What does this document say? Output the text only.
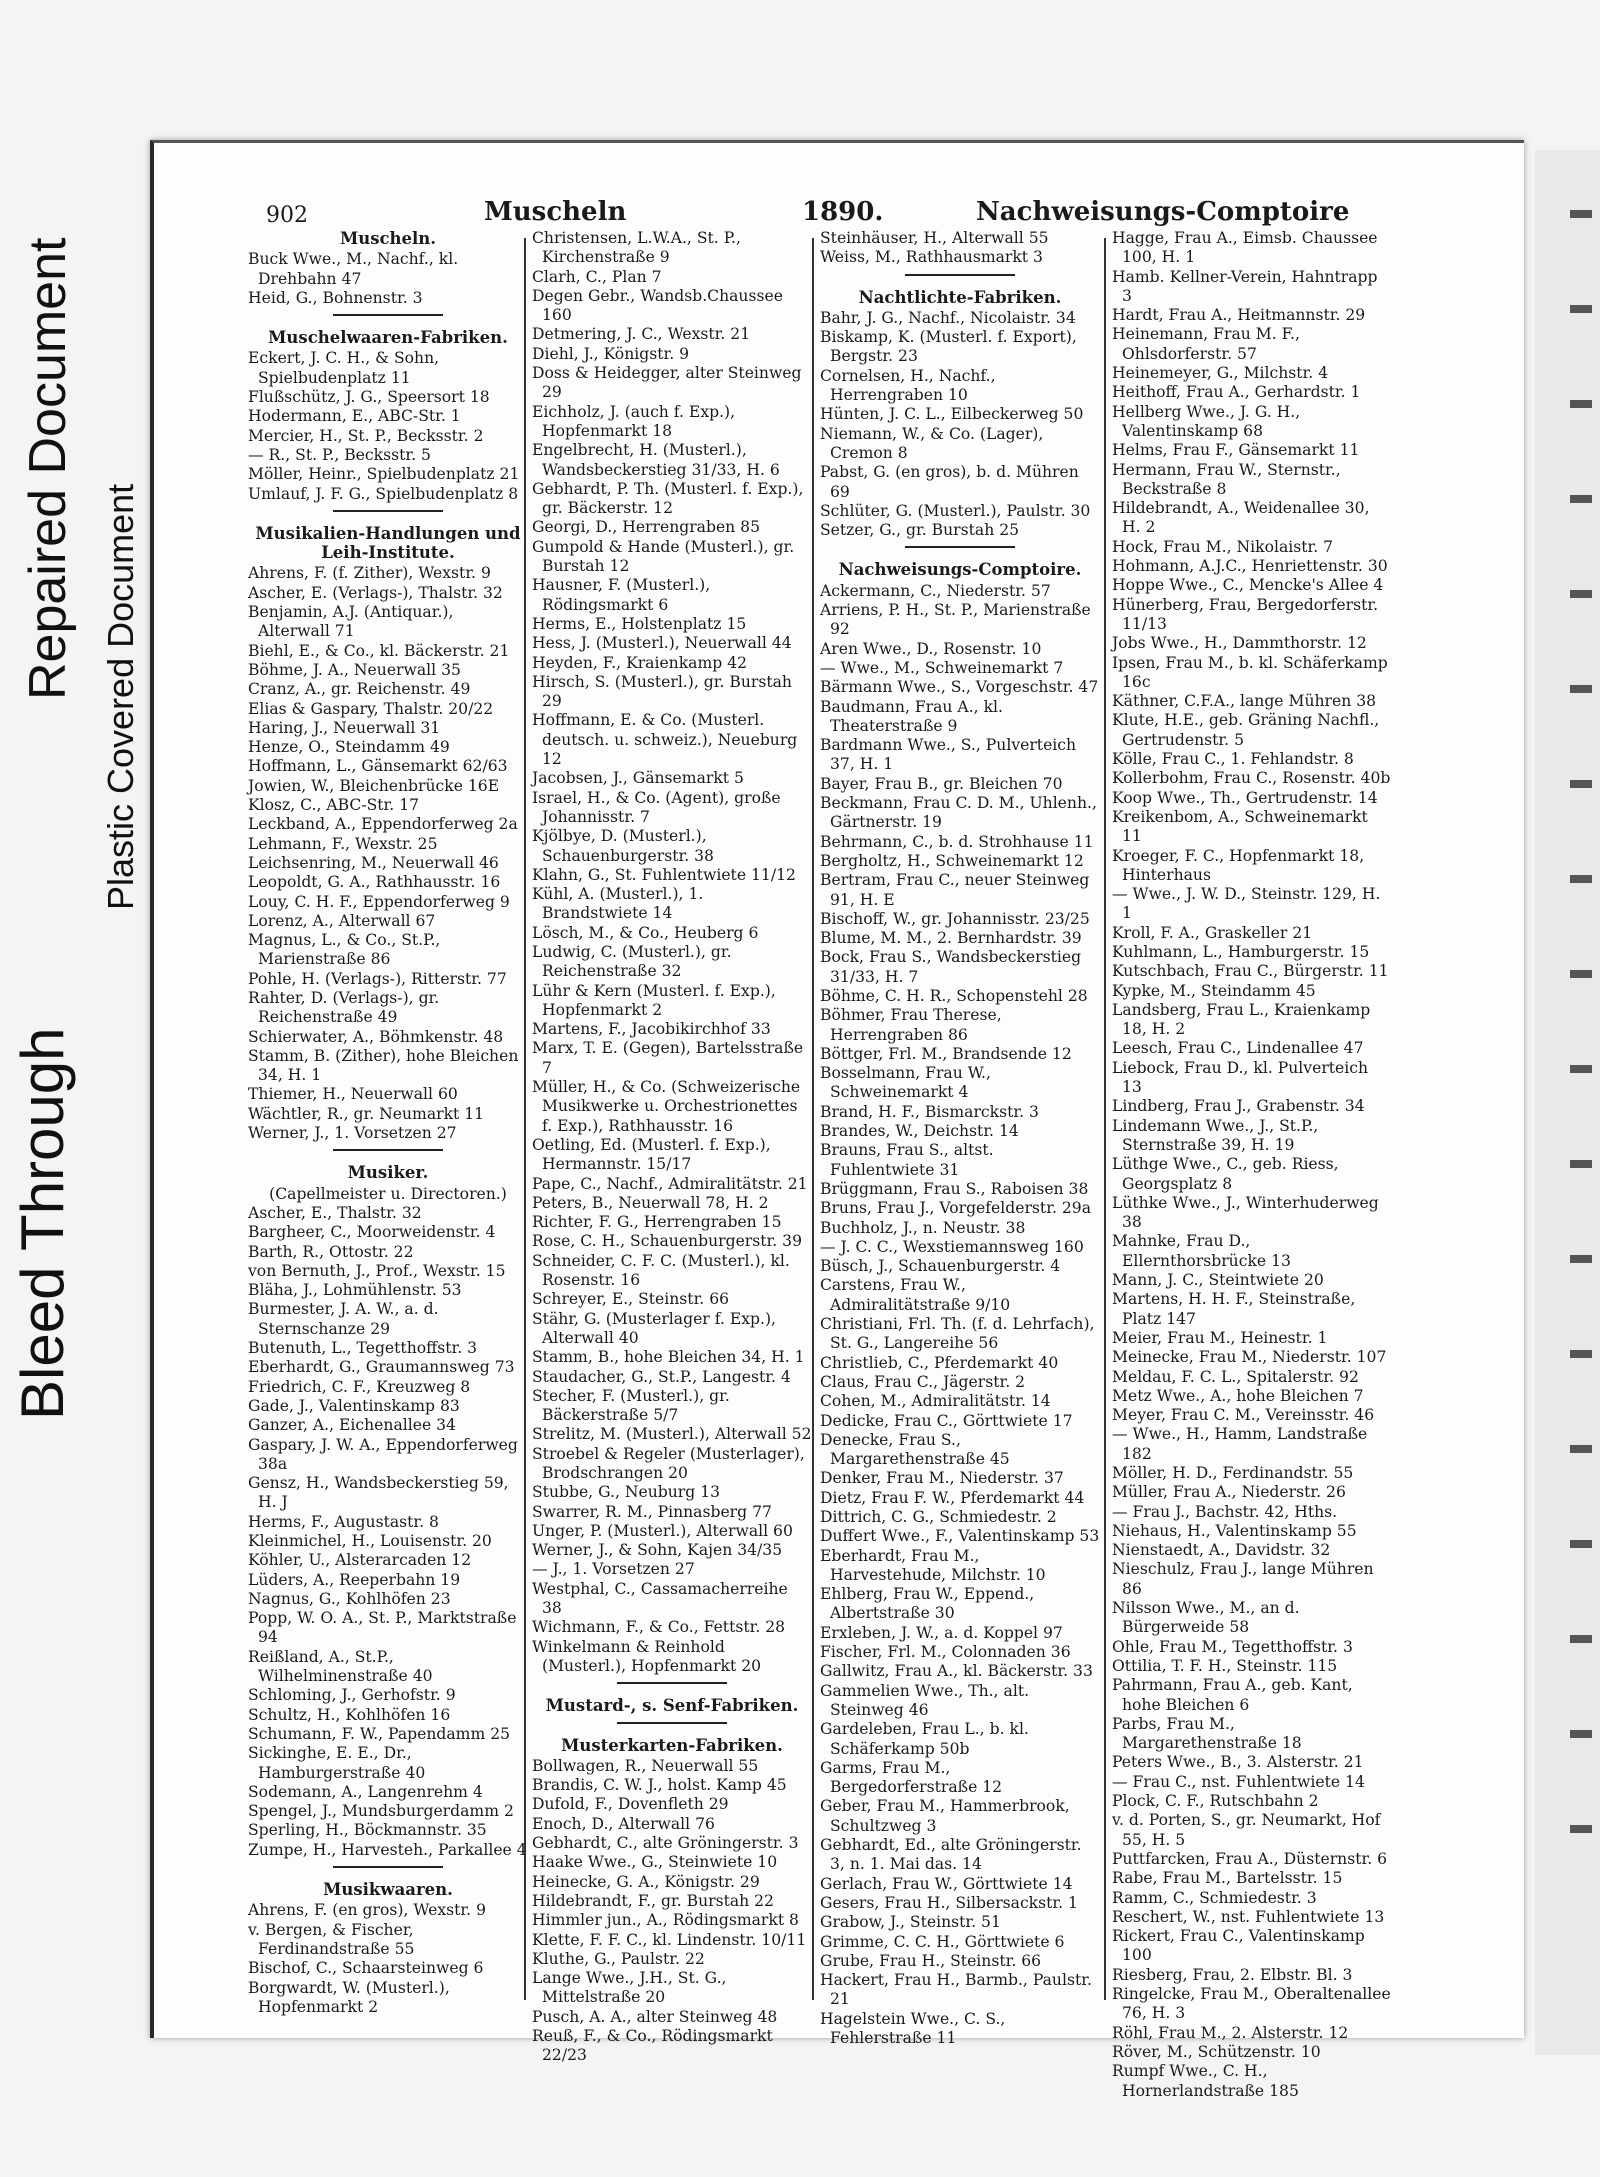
Bleed Through
Repaired Document Plastic Covered Document
902	Muscheln	1890.	Nachweisungs-Comptoire
Muscheln.
Buck Wwe., M., Nachf., kl. Drehbahn 47
Heid, G., Bohnenstr. 3
Muschelwaaren-Fabriken.
Eckert, J. C. H., & Sohn, Spielbudenplatz 11
Flußschütz, J. G., Speersort 18
Hodermann, E., ABC-Str. 1
Mercier, H., St. P., Becksstr. 2
— R., St. P., Becksstr. 5
Möller, Heinr., Spielbudenplatz 21
Umlauf, J. F. G., Spielbudenplatz 8
Musikalien-Handlungen und Leih-Institute.
Ahrens, F. (f. Zither), Wexstr. 9
Ascher, E. (Verlags-), Thalstr. 32
Benjamin, A.J. (Antiquar.), Alterwall 71
Biehl, E., & Co., kl. Bäckerstr. 21
Böhme, J. A., Neuerwall 35
Cranz, A., gr. Reichenstr. 49
Elias & Gaspary, Thalstr. 20/22
Haring, J., Neuerwall 31
Henze, O., Steindamm 49
Hoffmann, L., Gänsemarkt 62/63
Jowien, W., Bleichenbrücke 16E
Klosz, C., ABC-Str. 17
Leckband, A., Eppendorferweg 2a
Lehmann, F., Wexstr. 25
Leichsenring, M., Neuerwall 46
Leopoldt, G. A., Rathhausstr. 16
Louy, C. H. F., Eppendorferweg 9
Lorenz, A., Alterwall 67
Magnus, L., & Co., St.P., Marienstraße 86
Pohle, H. (Verlags-), Ritterstr. 77
Rahter, D. (Verlags-), gr. Reichenstraße 49
Schierwater, A., Böhmkenstr. 48
Stamm, B. (Zither), hohe Bleichen 34, H. 1
Thiemer, H., Neuerwall 60
Wächtler, R., gr. Neumarkt 11
Werner, J., 1. Vorsetzen 27
Musiker.
(Capellmeister u. Directoren.)
Ascher, E., Thalstr. 32
Bargheer, C., Moorweidenstr. 4
Barth, R., Ottostr. 22
von Bernuth, J., Prof., Wexstr. 15
Bläha, J., Lohmühlenstr. 53
Burmester, J. A. W., a. d. Sternschanze 29
Butenuth, L., Tegetthoffstr. 3
Eberhardt, G., Graumannsweg 73
Friedrich, C. F., Kreuzweg 8
Gade, J., Valentinskamp 83
Ganzer, A., Eichenallee 34
Gaspary, J. W. A., Eppendorferweg 38a
Gensz, H., Wandsbeckerstieg 59, H. J
Herms, F., Augustastr. 8
Kleinmichel, H., Louisenstr. 20
Köhler, U., Alsterarcaden 12
Lüders, A., Reeperbahn 19
Nagnus, G., Kohlhöfen 23
Popp, W. O. A., St. P., Marktstraße 94
Reißland, A., St.P., Wilhelminenstraße 40
Schloming, J., Gerhofstr. 9
Schultz, H., Kohlhöfen 16
Schumann, F. W., Papendamm 25
Sickinghe, E. E., Dr., Hamburgerstraße 40
Sodemann, A., Langenrehm 4
Spengel, J., Mundsburgerdamm 2
Sperling, H., Böckmannstr. 35
Zumpe, H., Harvesteh., Parkallee 4
Musikwaaren.
Ahrens, F. (en gros), Wexstr. 9
v. Bergen, & Fischer, Ferdinandstraße 55
Bischof, C., Schaarsteinweg 6
Borgwardt, W. (Musterl.), Hopfenmarkt 2
Christensen, L.W.A., St. P., Kirchenstraße 9
Clarh, C., Plan 7
Degen Gebr., Wandsb.Chaussee 160
Detmering, J. C., Wexstr. 21
Diehl, J., Königstr. 9
Doss & Heidegger, alter Steinweg 29
Eichholz, J. (auch f. Exp.), Hopfenmarkt 18
Engelbrecht, H. (Musterl.), Wandsbeckerstieg 31/33, H. 6
Gebhardt, P. Th. (Musterl. f. Exp.), gr. Bäckerstr. 12
Georgi, D., Herrengraben 85
Gumpold & Hande (Musterl.), gr. Burstah 12
Hausner, F. (Musterl.), Rödingsmarkt 6
Herms, E., Holstenplatz 15
Hess, J. (Musterl.), Neuerwall 44
Heyden, F., Kraienkamp 42
Hirsch, S. (Musterl.), gr. Burstah 29
Hoffmann, E. & Co. (Musterl. deutsch. u. schweiz.), Neueburg 12
Jacobsen, J., Gänsemarkt 5
Israel, H., & Co. (Agent), große Johannisstr. 7
Kjölbye, D. (Musterl.), Schauenburgerstr. 38
Klahn, G., St. Fuhlentwiete 11/12
Kühl, A. (Musterl.), 1. Brandstwiete 14
Lösch, M., & Co., Heuberg 6
Ludwig, C. (Musterl.), gr. Reichenstraße 32
Lühr & Kern (Musterl. f. Exp.), Hopfenmarkt 2
Martens, F., Jacobikirchhof 33
Marx, T. E. (Gegen), Bartelsstraße 7
Müller, H., & Co. (Schweizerische Musikwerke u. Orchestrionettes f. Exp.), Rathhausstr. 16
Oetling, Ed. (Musterl. f. Exp.), Hermannstr. 15/17
Pape, C., Nachf., Admiralitätstr. 21
Peters, B., Neuerwall 78, H. 2
Richter, F. G., Herrengraben 15
Rose, C. H., Schauenburgerstr. 39
Schneider, C. F. C. (Musterl.), kl. Rosenstr. 16
Schreyer, E., Steinstr. 66
Stähr, G. (Musterlager f. Exp.), Alterwall 40
Stamm, B., hohe Bleichen 34, H. 1
Staudacher, G., St.P., Langestr. 4
Stecher, F. (Musterl.), gr. Bäckerstraße 5/7
Strelitz, M. (Musterl.), Alterwall 52
Stroebel & Regeler (Musterlager), Brodschrangen 20
Stubbe, G., Neuburg 13
Swarrer, R. M., Pinnasberg 77
Unger, P. (Musterl.), Alterwall 60
Werner, J., & Sohn, Kajen 34/35
— J., 1. Vorsetzen 27
Westphal, C., Cassamacherreihe 38
Wichmann, F., & Co., Fettstr. 28
Winkelmann & Reinhold (Musterl.), Hopfenmarkt 20
Mustard-, s. Senf-Fabriken.
Musterkarten-Fabriken.
Bollwagen, R., Neuerwall 55
Brandis, C. W. J., holst. Kamp 45
Dufold, F., Dovenfleth 29
Enoch, D., Alterwall 76
Gebhardt, C., alte Gröningerstr. 3
Haake Wwe., G., Steinwiete 10
Heinecke, G. A., Königstr. 29
Hildebrandt, F., gr. Burstah 22
Himmler jun., A., Rödingsmarkt 8
Klette, F. F. C., kl. Lindenstr. 10/11
Kluthe, G., Paulstr. 22
Lange Wwe., J.H., St. G., Mittelstraße 20
Pusch, A. A., alter Steinweg 48
Reuß, F., & Co., Rödingsmarkt 22/23
Steinhäuser, H., Alterwall 55
Weiss, M., Rathhausmarkt 3
Nachtlichte-Fabriken.
Bahr, J. G., Nachf., Nicolaistr. 34
Biskamp, K. (Musterl. f. Export), Bergstr. 23
Cornelsen, H., Nachf., Herrengraben 10
Hünten, J. C. L., Eilbeckerweg 50
Niemann, W., & Co. (Lager), Cremon 8
Pabst, G. (en gros), b. d. Mühren 69
Schlüter, G. (Musterl.), Paulstr. 30
Setzer, G., gr. Burstah 25
Nachweisungs-Comptoire.
Ackermann, C., Niederstr. 57
Arriens, P. H., St. P., Marienstraße 92
Aren Wwe., D., Rosenstr. 10
— Wwe., M., Schweinemarkt 7
Bärmann Wwe., S., Vorgeschstr. 47
Baudmann, Frau A., kl. Theaterstraße 9
Bardmann Wwe., S., Pulverteich 37, H. 1
Bayer, Frau B., gr. Bleichen 70
Beckmann, Frau C. D. M., Uhlenh., Gärtnerstr. 19
Behrmann, C., b. d. Strohhause 11
Bergholtz, H., Schweinemarkt 12
Bertram, Frau C., neuer Steinweg 91, H. E
Bischoff, W., gr. Johannisstr. 23/25
Blume, M. M., 2. Bernhardstr. 39
Bock, Frau S., Wandsbeckerstieg 31/33, H. 7
Böhme, C. H. R., Schopenstehl 28
Böhmer, Frau Therese, Herrengraben 86
Böttger, Frl. M., Brandsende 12
Bosselmann, Frau W., Schweinemarkt 4
Brand, H. F., Bismarckstr. 3
Brandes, W., Deichstr. 14
Brauns, Frau S., altst. Fuhlentwiete 31
Brüggmann, Frau S., Raboisen 38
Bruns, Frau J., Vorgefelderstr. 29a
Buchholz, J., n. Neustr. 38
— J. C. C., Wexstiemannsweg 160
Büsch, J., Schauenburgerstr. 4
Carstens, Frau W., Admiralitätstraße 9/10
Christiani, Frl. Th. (f. d. Lehrfach), St. G., Langereihe 56
Christlieb, C., Pferdemarkt 40
Claus, Frau C., Jägerstr. 2
Cohen, M., Admiralitätstr. 14
Dedicke, Frau C., Görttwiete 17
Denecke, Frau S., Margarethenstraße 45
Denker, Frau M., Niederstr. 37
Dietz, Frau F. W., Pferdemarkt 44
Dittrich, C. G., Schmiedestr. 2
Duffert Wwe., F., Valentinskamp 53
Eberhardt, Frau M., Harvestehude, Milchstr. 10
Ehlberg, Frau W., Eppend., Albertstraße 30
Erxleben, J. W., a. d. Koppel 97
Fischer, Frl. M., Colonnaden 36
Gallwitz, Frau A., kl. Bäckerstr. 33
Gammelien Wwe., Th., alt. Steinweg 46
Gardeleben, Frau L., b. kl. Schäferkamp 50b
Garms, Frau M., Bergedorferstraße 12
Geber, Frau M., Hammerbrook, Schultzweg 3
Gebhardt, Ed., alte Gröningerstr. 3, n. 1. Mai das. 14
Gerlach, Frau W., Görttwiete 14
Gesers, Frau H., Silbersackstr. 1
Grabow, J., Steinstr. 51
Grimme, C. C. H., Görttwiete 6
Grube, Frau H., Steinstr. 66
Hackert, Frau H., Barmb., Paulstr. 21
Hagelstein Wwe., C. S., Fehlerstraße 11
Hagge, Frau A., Eimsb. Chaussee 100, H. 1
Hamb. Kellner-Verein, Hahntrapp 3
Hardt, Frau A., Heitmannstr. 29
Heinemann, Frau M. F., Ohlsdorferstr. 57
Heinemeyer, G., Milchstr. 4
Heithoff, Frau A., Gerhardstr. 1
Hellberg Wwe., J. G. H., Valentinskamp 68
Helms, Frau F., Gänsemarkt 11
Hermann, Frau W., Sternstr., Beckstraße 8
Hildebrandt, A., Weidenallee 30, H. 2
Hock, Frau M., Nikolaistr. 7
Hohmann, A.J.C., Henriettenstr. 30
Hoppe Wwe., C., Mencke's Allee 4
Hünerberg, Frau, Bergedorferstr. 11/13
Jobs Wwe., H., Dammthorstr. 12
Ipsen, Frau M., b. kl. Schäferkamp 16c
Käthner, C.F.A., lange Mühren 38
Klute, H.E., geb. Gräning Nachfl., Gertrudenstr. 5
Kölle, Frau C., 1. Fehlandstr. 8
Kollerbohm, Frau C., Rosenstr. 40b
Koop Wwe., Th., Gertrudenstr. 14
Kreikenbom, A., Schweinemarkt 11
Kroeger, F. C., Hopfenmarkt 18, Hinterhaus
— Wwe., J. W. D., Steinstr. 129, H. 1
Kroll, F. A., Graskeller 21
Kuhlmann, L., Hamburgerstr. 15
Kutschbach, Frau C., Bürgerstr. 11
Kypke, M., Steindamm 45
Landsberg, Frau L., Kraienkamp 18, H. 2
Leesch, Frau C., Lindenallee 47
Liebock, Frau D., kl. Pulverteich 13
Lindberg, Frau J., Grabenstr. 34
Lindemann Wwe., J., St.P., Sternstraße 39, H. 19
Lüthge Wwe., C., geb. Riess, Georgsplatz 8
Lüthke Wwe., J., Winterhuderweg 38
Mahnke, Frau D., Ellernthorsbrücke 13
Mann, J. C., Steintwiete 20
Martens, H. H. F., Steinstraße, Platz 147
Meier, Frau M., Heinestr. 1
Meinecke, Frau M., Niederstr. 107
Meldau, F. C. L., Spitalerstr. 92
Metz Wwe., A., hohe Bleichen 7
Meyer, Frau C. M., Vereinsstr. 46
— Wwe., H., Hamm, Landstraße 182
Möller, H. D., Ferdinandstr. 55
Müller, Frau A., Niederstr. 26
— Frau J., Bachstr. 42, Hths.
Niehaus, H., Valentinskamp 55
Nienstaedt, A., Davidstr. 32
Nieschulz, Frau J., lange Mühren 86
Nilsson Wwe., M., an d. Bürgerweide 58
Ohle, Frau M., Tegetthoffstr. 3
Ottilia, T. F. H., Steinstr. 115
Pahrmann, Frau A., geb. Kant, hohe Bleichen 6
Parbs, Frau M., Margarethenstraße 18
Peters Wwe., B., 3. Alsterstr. 21
— Frau C., nst. Fuhlentwiete 14
Plock, C. F., Rutschbahn 2
v. d. Porten, S., gr. Neumarkt, Hof 55, H. 5
Puttfarcken, Frau A., Düsternstr. 6
Rabe, Frau M., Bartelsstr. 15
Ramm, C., Schmiedestr. 3
Reschert, W., nst. Fuhlentwiete 13
Rickert, Frau C., Valentinskamp 100
Riesberg, Frau, 2. Elbstr. Bl. 3
Ringelcke, Frau M., Oberaltenallee 76, H. 3
Röhl, Frau M., 2. Alsterstr. 12
Röver, M., Schützenstr. 10
Rumpf Wwe., C. H., Hornerlandstraße 185
